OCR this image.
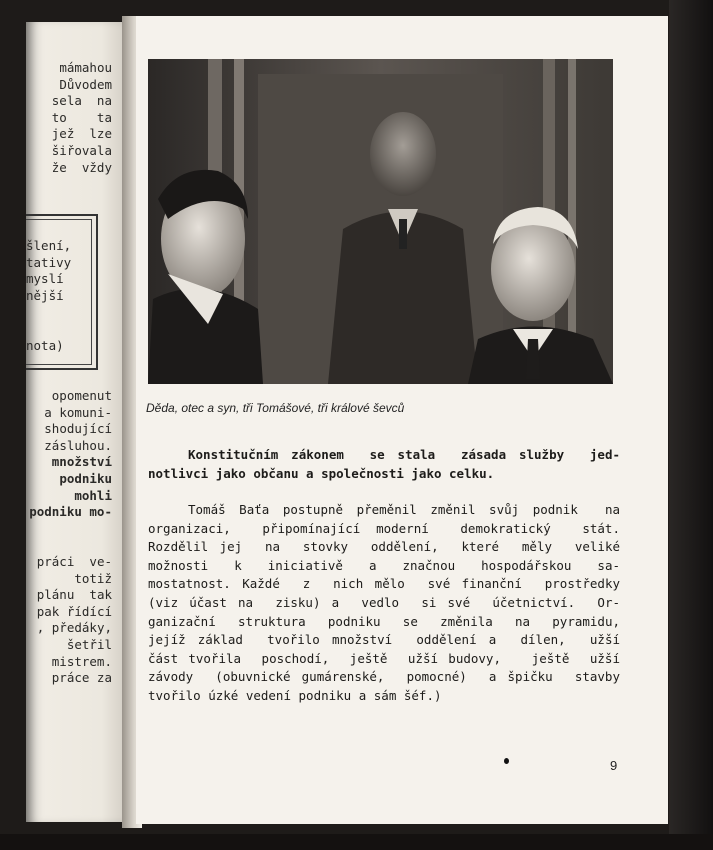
mámahou
Důvodem
sela  na
to    ta
jež  lze
šiřovala
že  vždy
šlení,
tativy
myslí
nější

nota)
opomenut
a komuni-
shodující
zásluhou.
množství
podniku
mohli
podniku mo-

práci  ve-
totiž
plánu  tak
pak řídící
, předáky,
šetřil
mistrem.
práce za
Děda, otec a syn, tři Tomášové, tři králové ševců
Konstitučním zákonem  se stala  zásada služby  jed-
notlivci jako občanu a společnosti jako celku.
Tomáš Baťa postupně přeměnil změnil svůj podnik  na
organizaci,  připomínající moderní  demokratický  stát.
Rozdělil jej  na  stovky  oddělení,  které  měly  veliké
možnosti   k   iniciativě   a   značnou   hospodářskou   sa-
mostatnost. Každé  z  nich mělo  své finanční  prostředky
(viz účast na  zisku) a  vedlo  si své  účetnictví.  Or-
ganizační struktura podniku se změnila na pyramidu,
jejíž základ  tvořilo množství  oddělení a  dílen,  užší
část tvořila  poschodí,  ještě  užší budovy,   ještě  užší
závody  (obuvnické gumárenské,  pomocné)  a špičku  stavby
tvořilo úzké vedení podniku a sám šéf.)
9
